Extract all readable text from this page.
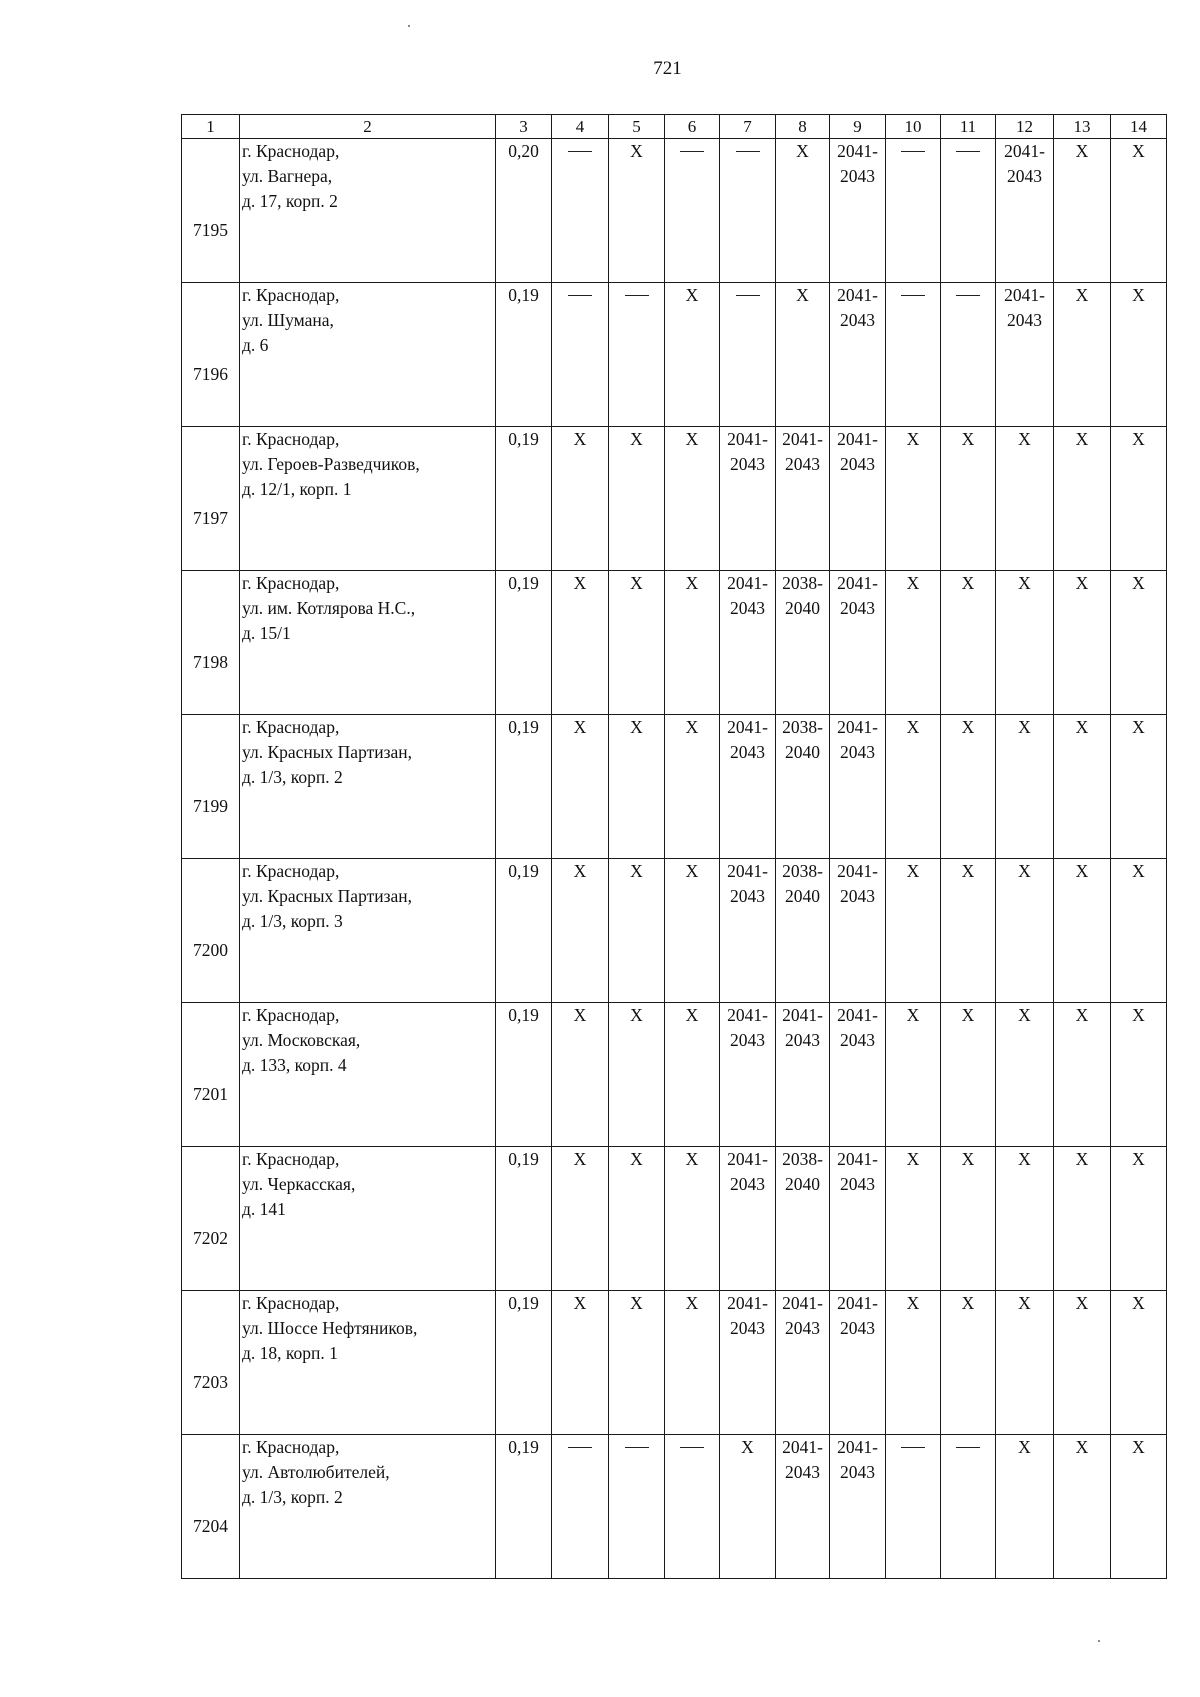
721
1	2	3	4	5	6	7	8	9	10	11	12	13	14
7195	г. Краснодар,
ул. Вагнера,
д. 17, корп. 2	0,20		X			X	2041-
2043			2041-
2043	X	X
7196	г. Краснодар,
ул. Шумана,
д. 6	0,19			X		X	2041-
2043			2041-
2043	X	X
7197	г. Краснодар,
ул. Героев-Разведчиков,
д. 12/1, корп. 1	0,19	X	X	X	2041-
2043	2041-
2043	2041-
2043	X	X	X	X	X
7198	г. Краснодар,
ул. им. Котлярова Н.С.,
д. 15/1	0,19	X	X	X	2041-
2043	2038-
2040	2041-
2043	X	X	X	X	X
7199	г. Краснодар,
ул. Красных Партизан,
д. 1/3, корп. 2	0,19	X	X	X	2041-
2043	2038-
2040	2041-
2043	X	X	X	X	X
7200	г. Краснодар,
ул. Красных Партизан,
д. 1/3, корп. 3	0,19	X	X	X	2041-
2043	2038-
2040	2041-
2043	X	X	X	X	X
7201	г. Краснодар,
ул. Московская,
д. 133, корп. 4	0,19	X	X	X	2041-
2043	2041-
2043	2041-
2043	X	X	X	X	X
7202	г. Краснодар,
ул. Черкасская,
д. 141	0,19	X	X	X	2041-
2043	2038-
2040	2041-
2043	X	X	X	X	X
7203	г. Краснодар,
ул. Шоссе Нефтяников,
д. 18, корп. 1	0,19	X	X	X	2041-
2043	2041-
2043	2041-
2043	X	X	X	X	X
7204	г. Краснодар,
ул. Автолюбителей,
д. 1/3, корп. 2	0,19				X	2041-
2043	2041-
2043			X	X	X
